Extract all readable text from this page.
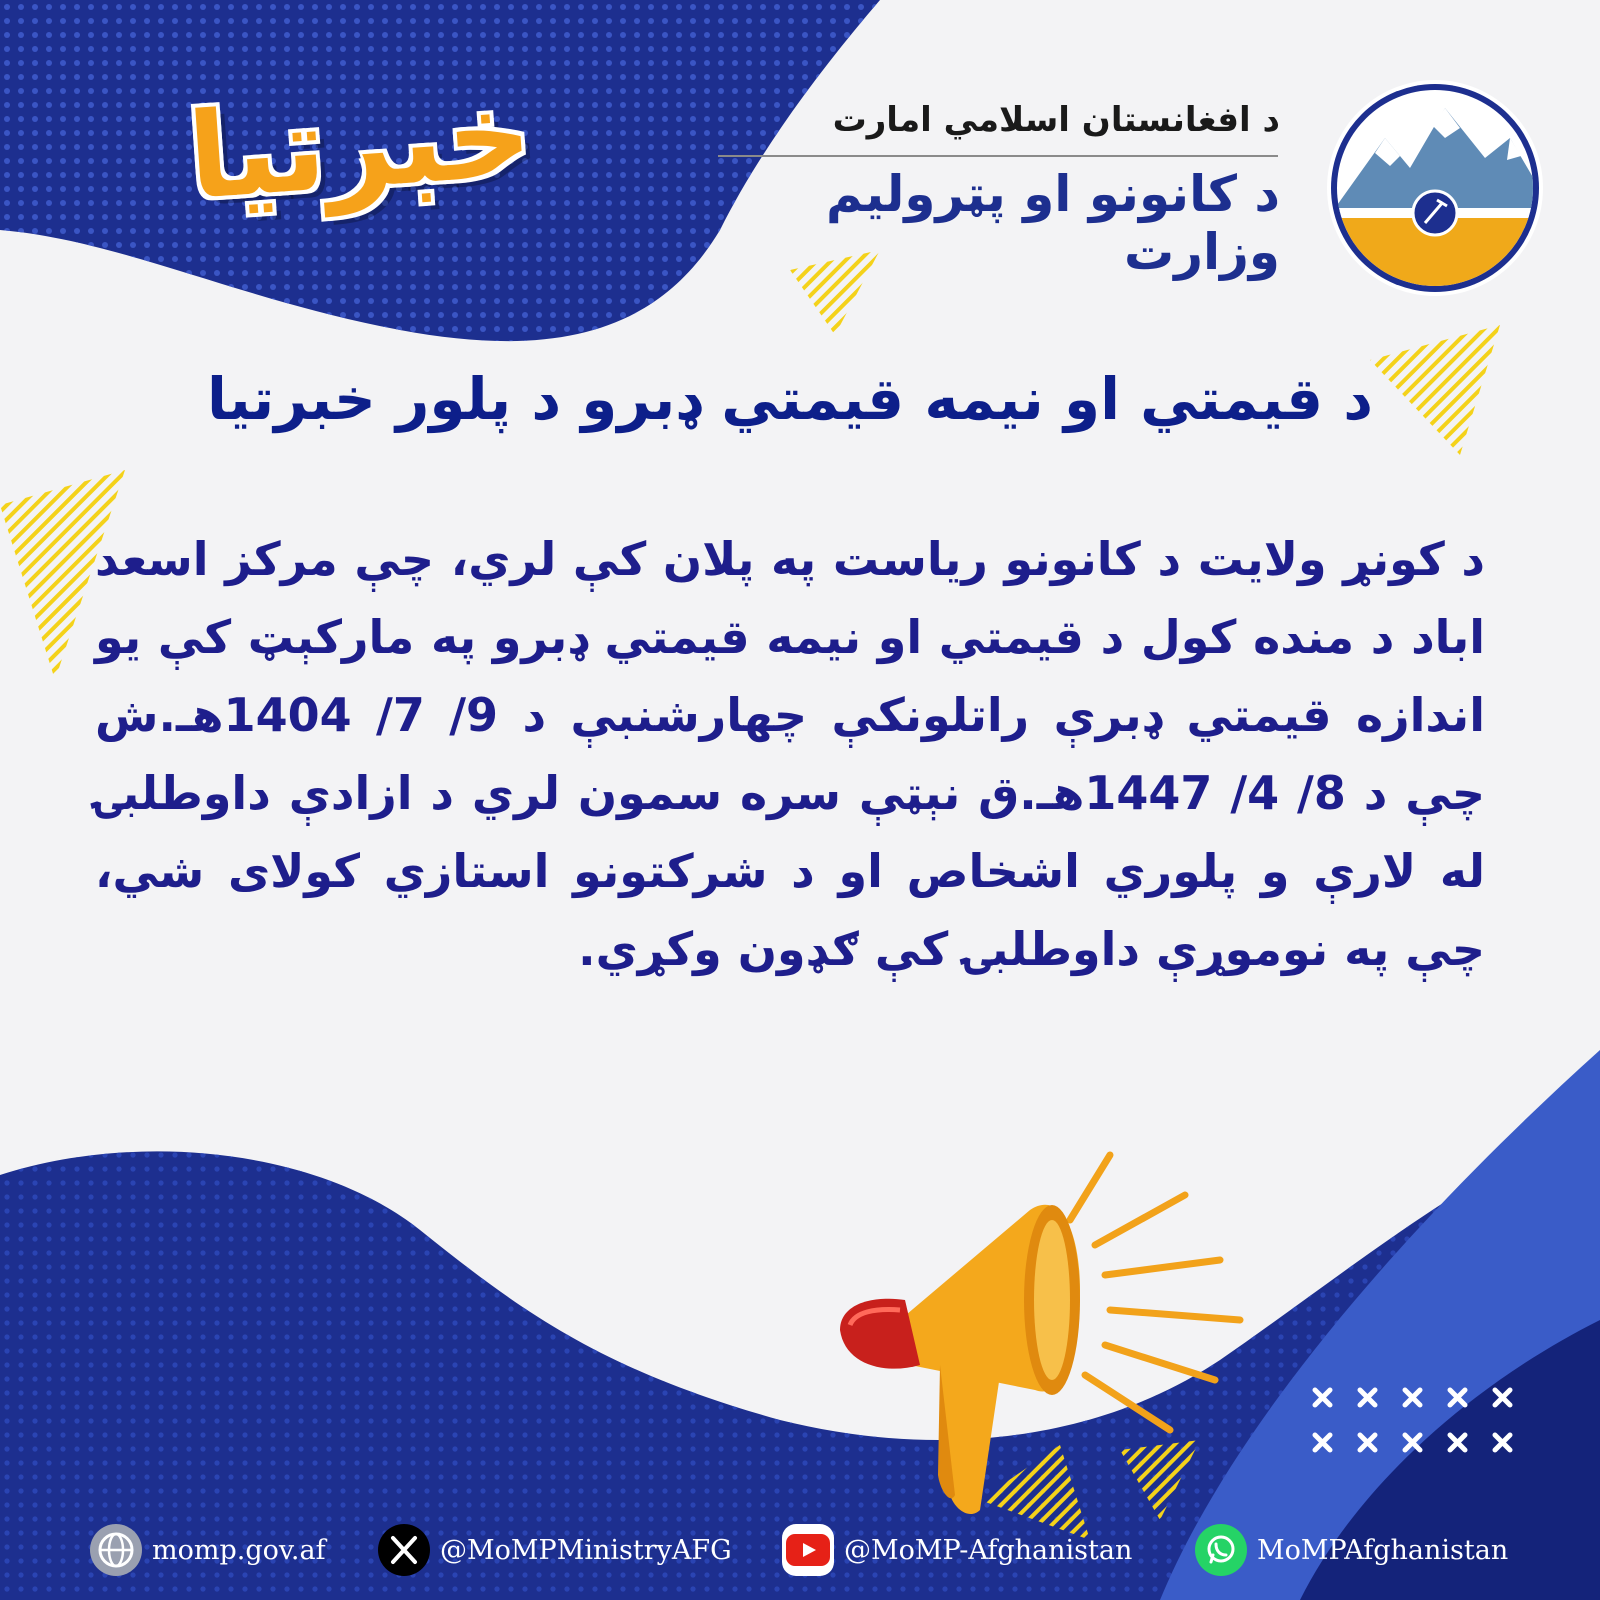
خبرتیا	د افغانستان اسلامي امارت
د کانونو او پټرولیم وزارت
د قیمتي او نیمه قیمتي ډبرو د پلور خبرتیا
د کونړ ولایت د کانونو ریاست په پلان کې لري، چې مرکز اسعد اباد د منده کول د قیمتي او نیمه قیمتي ډبرو په مارکېټ کې یو اندازه قیمتي ډبرې راتلونکې چهارشنبې د 9/ 7/ 1404هـ.ش چې د 8/ 4/ 1447هـ.ق نېټې سره سمون لري د ازادې داوطلبۍ له لارې و پلوري اشخاص او د شرکتونو استازي کولای شي، چې په نوموړې داوطلبۍ کې ګډون وکړي.
momp.gov.af	@MoMPMinistryAFG	@MoMP-Afghanistan	MoMPAfghanistan
